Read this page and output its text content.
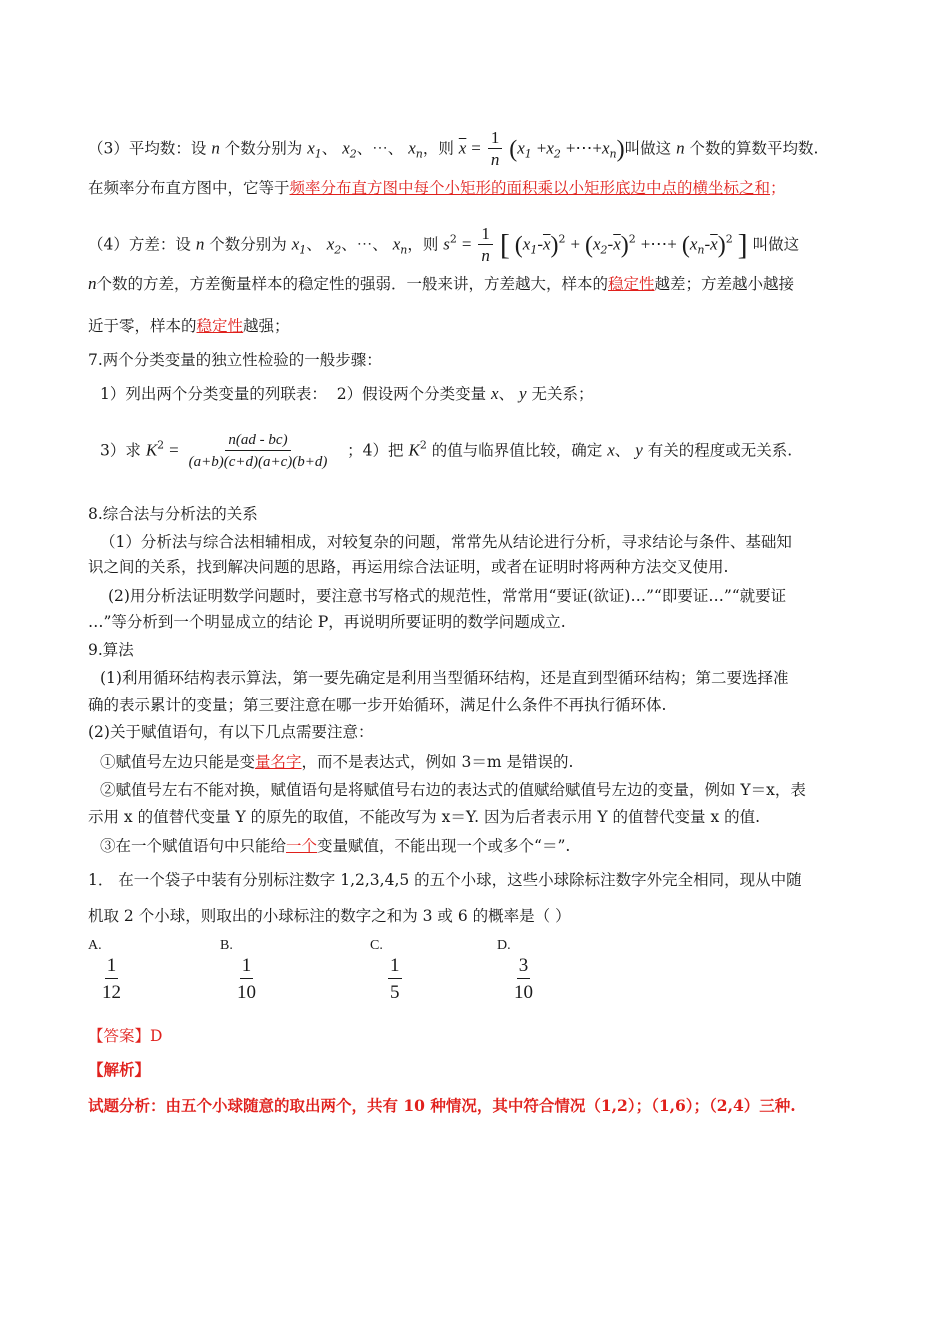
（3）平均数：设 n 个数分别为 $x_1$、 $x_2$、⋯、 $x_n$，则 $\overline{x} = \frac{1}{n} (x_1 +x_2$ $+\cdots+x_n$)叫做这 n 个数的算数平均数.
在频率分布直方图中，它等于频率分布直方图中每个小矩形的面积乘以小矩形底边中点的横坐标之和；
（4）方差：设 n 个数分别为 $x_1$、 $x_2$、⋯、 $x_n$，则 $s^2 = \frac{1}{n}$ [ $(x_1-\overline{x})^2 + (x_2-\overline{x})^2$ +⋯+ $(x_n-\overline{x})^2$ ] 叫做这
n个数的方差，方差衡量样本的稳定性的强弱．一般来讲，方差越大，样本的稳定性越差；方差越小越接
近于零，样本的稳定性越强；
7.两个分类变量的独立性检验的一般步骤：
1）列出两个分类变量的列联表： 2）假设两个分类变量 x、 y 无关系；
3）求 $K^2 = \frac{n(ad - bc)}{(a+b)(c+d)(a+c)(b+d)}$ ；4）把 $K^2$ 的值与临界值比较，确定 x、 y 有关的程度或无关系.
8.综合法与分析法的关系
（1）分析法与综合法相辅相成，对较复杂的问题，常常先从结论进行分析，寻求结论与条件、基础知
识之间的关系，找到解决问题的思路，再运用综合法证明，或者在证明时将两种方法交叉使用.
(2)用分析法证明数学问题时，要注意书写格式的规范性，常常用“要证(欲证)…”“即要证…”“就要证
…”等分析到一个明显成立的结论 P，再说明所要证明的数学问题成立.
9.算法
(1)利用循环结构表示算法，第一要先确定是利用当型循环结构，还是直到型循环结构；第二要选择准
确的表示累计的变量；第三要注意在哪一步开始循环，满足什么条件不再执行循环体.
(2)关于赋值语句，有以下几点需要注意：
①赋值号左边只能是变量名字，而不是表达式，例如 3＝m 是错误的.
②赋值号左右不能对换，赋值语句是将赋值号右边的表达式的值赋给赋值号左边的变量，例如 Y＝x，表
示用 x 的值替代变量 Y 的原先的取值，不能改写为 x＝Y. 因为后者表示用 Y 的值替代变量 x 的值.
③在一个赋值语句中只能给一个变量赋值，不能出现一个或多个“＝”.
1． 在一个袋子中装有分别标注数字 1,2,3,4,5 的五个小球，这些小球除标注数字外完全相同，现从中随
机取 2 个小球，则取出的小球标注的数字之和为 3 或 6 的概率是（ ）
A.
$\frac{1}{12}$
B.
$\frac{1}{10}$
C.
$\frac{1}{5}$
D.
$\frac{3}{10}$
【答案】D
【解析】
试题分析：由五个小球随意的取出两个，共有 10 种情况，其中符合情况（1,2）；（1,6）；（2,4）三种.
